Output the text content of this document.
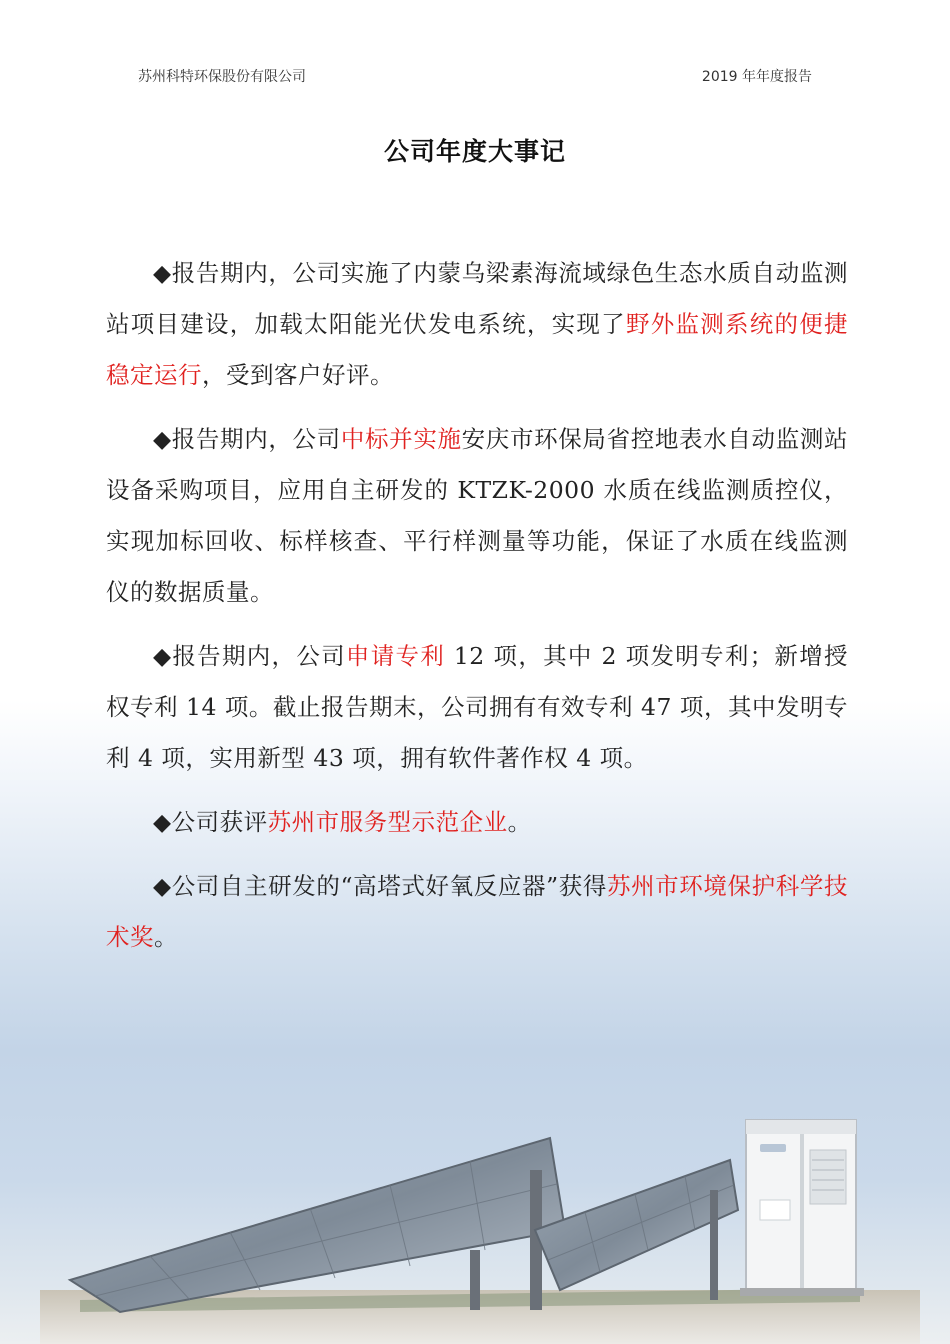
苏州科特环保股份有限公司	2019 年年度报告
公司年度大事记

◆报告期内，公司实施了内蒙乌梁素海流域绿色生态水质自动监测站项目建设，加载太阳能光伏发电系统，实现了野外监测系统的便捷稳定运行，受到客户好评。

◆报告期内，公司中标并实施安庆市环保局省控地表水自动监测站设备采购项目，应用自主研发的 KTZK-2000 水质在线监测质控仪，实现加标回收、标样核查、平行样测量等功能，保证了水质在线监测仪的数据质量。

◆报告期内，公司申请专利 12 项，其中 2 项发明专利；新增授权专利 14 项。截止报告期末，公司拥有有效专利 47 项，其中发明专利 4 项，实用新型 43 项，拥有软件著作权 4 项。

◆公司获评苏州市服务型示范企业。

◆公司自主研发的“高塔式好氧反应器”获得苏州市环境保护科学技术奖。
